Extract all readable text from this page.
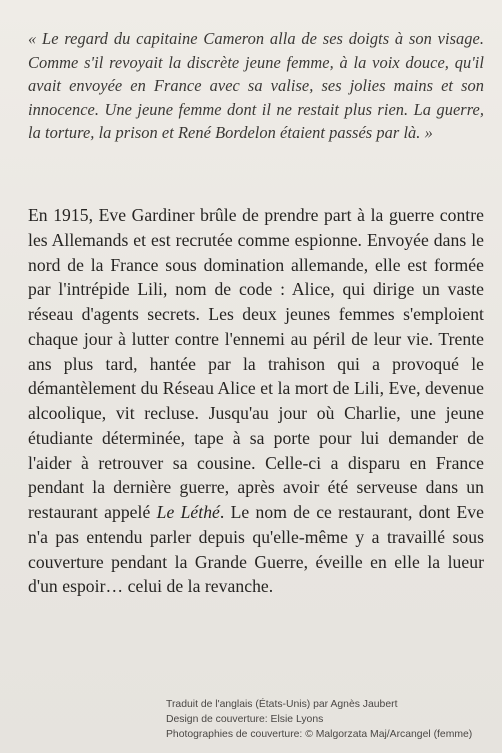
« Le regard du capitaine Cameron alla de ses doigts à son visage. Comme s'il revoyait la discrète jeune femme, à la voix douce, qu'il avait envoyée en France avec sa valise, ses jolies mains et son innocence. Une jeune femme dont il ne restait plus rien. La guerre, la torture, la prison et René Bordelon étaient passés par là. »

En 1915, Eve Gardiner brûle de prendre part à la guerre contre les Allemands et est recrutée comme espionne. Envoyée dans le nord de la France sous domination allemande, elle est formée par l'intrépide Lili, nom de code : Alice, qui dirige un vaste réseau d'agents secrets. Les deux jeunes femmes s'emploient chaque jour à lutter contre l'ennemi au péril de leur vie. Trente ans plus tard, hantée par la trahison qui a provoqué le démantèlement du Réseau Alice et la mort de Lili, Eve, devenue alcoolique, vit recluse. Jusqu'au jour où Charlie, une jeune étudiante déterminée, tape à sa porte pour lui demander de l'aider à retrouver sa cousine. Celle-ci a disparu en France pendant la dernière guerre, après avoir été serveuse dans un restaurant appelé Le Léthé. Le nom de ce restaurant, dont Eve n'a pas entendu parler depuis qu'elle-même y a travaillé sous couverture pendant la Grande Guerre, éveille en elle la lueur d'un espoir… celui de la revanche.

Traduit de l'anglais (États-Unis) par Agnès Jaubert
Design de couverture: Elsie Lyons
Photographies de couverture: © Malgorzata Maj/Arcangel (femme)
